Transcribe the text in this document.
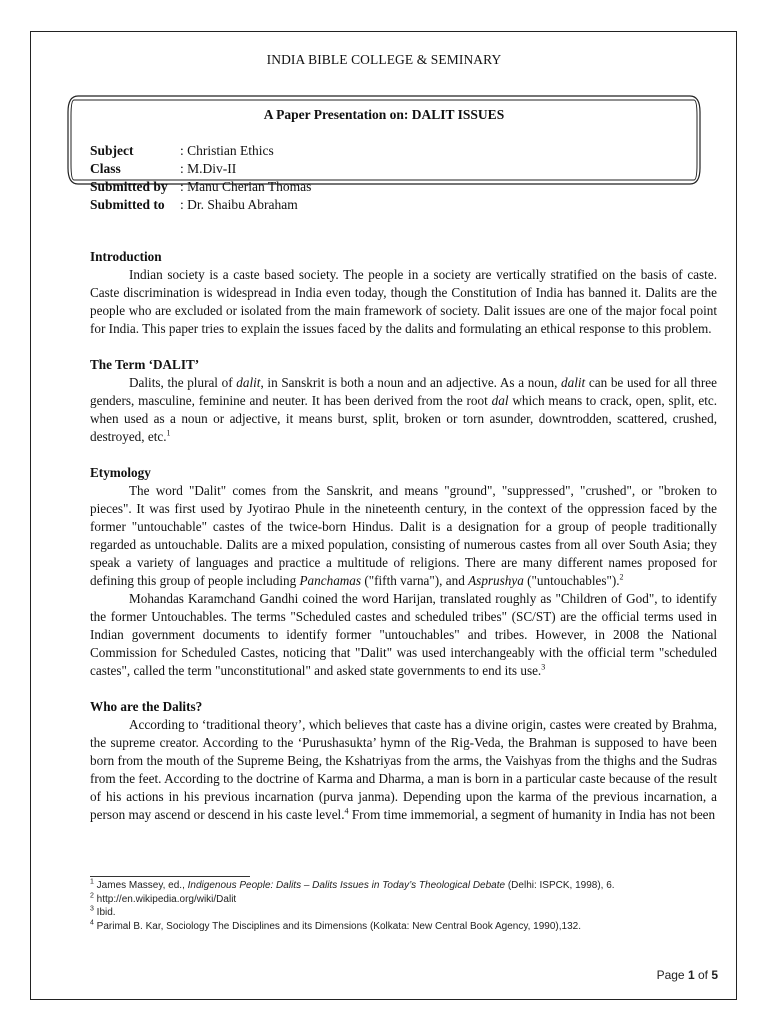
INDIA BIBLE COLLEGE & SEMINARY
A Paper Presentation on: DALIT ISSUES
Subject	: Christian Ethics
Class	: M.Div-II
Submitted by : Manu Cherian Thomas
Submitted to : Dr. Shaibu Abraham

Introduction

Indian society is a caste based society. The people in a society are vertically stratified on the basis of caste. Caste discrimination is widespread in India even today, though the Constitution of India has banned it. Dalits are the people who are excluded or isolated from the main framework of society. Dalit issues are one of the major focal point for India. This paper tries to explain the issues faced by the dalits and formulating an ethical response to this problem.

The Term ‘DALIT’

Dalits, the plural of dalit, in Sanskrit is both a noun and an adjective. As a noun, dalit can be used for all three genders, masculine, feminine and neuter. It has been derived from the root dal which means to crack, open, split, etc. when used as a noun or adjective, it means burst, split, broken or torn asunder, downtrodden, scattered, crushed, destroyed, etc.$^1$

Etymology

The word "Dalit" comes from the Sanskrit, and means "ground", "suppressed", "crushed", or "broken to pieces". It was first used by Jyotirao Phule in the nineteenth century, in the context of the oppression faced by the former "untouchable" castes of the twice-born Hindus. Dalit is a designation for a group of people traditionally regarded as untouchable. Dalits are a mixed population, consisting of numerous castes from all over South Asia; they speak a variety of languages and practice a multitude of religions. There are many different names proposed for defining this group of people including Panchamas ("fifth varna"), and Asprushya ("untouchables").$^2$

Mohandas Karamchand Gandhi coined the word Harijan, translated roughly as "Children of God", to identify the former Untouchables. The terms "Scheduled castes and scheduled tribes" (SC/ST) are the official terms used in Indian government documents to identify former "untouchables" and tribes. However, in 2008 the National Commission for Scheduled Castes, noticing that "Dalit" was used interchangeably with the official term "scheduled castes", called the term "unconstitutional" and asked state governments to end its use.$^3$

Who are the Dalits?

According to ‘traditional theory’, which believes that caste has a divine origin, castes were created by Brahma, the supreme creator. According to the ‘Purushasukta’ hymn of the Rig-Veda, the Brahman is supposed to have been born from the mouth of the Supreme Being, the Kshatriyas from the arms, the Vaishyas from the thighs and the Sudras from the feet. According to the doctrine of Karma and Dharma, a man is born in a particular caste because of the result of his actions in his previous incarnation (purva janma). Depending upon the karma of the previous incarnation, a person may ascend or descend in his caste level.$^4$ From time immemorial, a segment of humanity in India has not been

$^1$ James Massey, ed., Indigenous People: Dalits – Dalits Issues in Today’s Theological Debate (Delhi: ISPCK, 1998), 6.
$^2$ http://en.wikipedia.org/wiki/Dalit
$^3$ Ibid.
$^4$ Parimal B. Kar, Sociology The Disciplines and its Dimensions (Kolkata: New Central Book Agency, 1990),132.
Page 1 of 5
